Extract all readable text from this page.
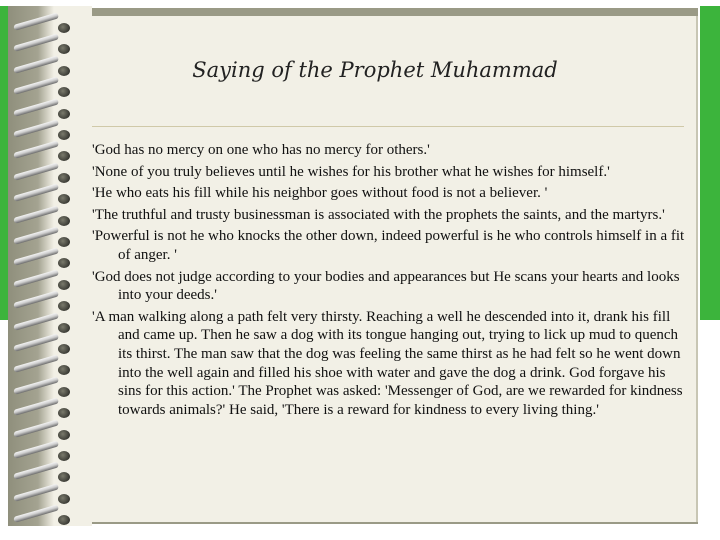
Saying of the Prophet Muhammad

'God has no mercy on one who has no mercy for others.'

'None of you truly believes until he wishes for his brother what he wishes for himself.'

'He who eats his fill while his neighbor goes without food is not a believer. '

'The truthful and trusty businessman is associated with the prophets the saints, and the martyrs.'

'Powerful is not he who knocks the other down, indeed powerful is he who controls himself in a fit of anger. '

'God does not judge according to your bodies and appearances but He scans your hearts and looks into your deeds.'

'A man walking along a path felt very thirsty. Reaching a well he descended into it, drank his fill and came up. Then he saw a dog with its tongue hanging out, trying to lick up mud to quench its thirst. The man saw that the dog was feeling the same thirst as he had felt so he went down into the well again and filled his shoe with water and gave the dog a drink. God forgave his sins for this action.' The Prophet was asked: 'Messenger of God, are we rewarded for kindness towards animals?' He said, 'There is a reward for kindness to every living thing.'
